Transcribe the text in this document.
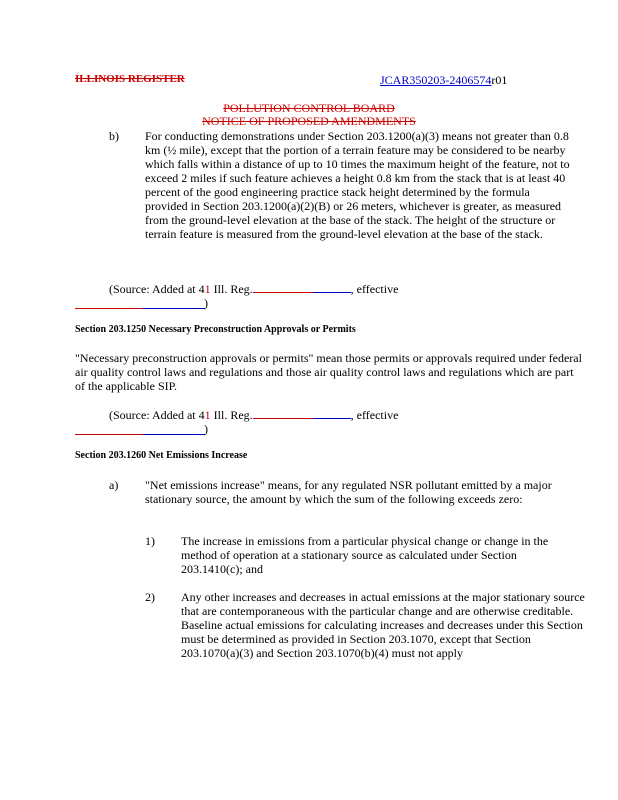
ILLINOIS REGISTER	JCAR350203-2406574r01
POLLUTION CONTROL BOARD
NOTICE OF PROPOSED AMENDMENTS
b) For conducting demonstrations under Section 203.1200(a)(3) means not greater than 0.8 km (½ mile), except that the portion of a terrain feature may be considered to be nearby which falls within a distance of up to 10 times the maximum height of the feature, not to exceed 2 miles if such feature achieves a height 0.8 km from the stack that is at least 40 percent of the good engineering practice stack height determined by the formula provided in Section 203.1200(a)(2)(B) or 26 meters, whichever is greater, as measured from the ground-level elevation at the base of the stack. The height of the structure or terrain feature is measured from the ground-level elevation at the base of the stack.
(Source: Added at 41 Ill. Reg.	, effective
)
Section 203.1250 Necessary Preconstruction Approvals or Permits
"Necessary preconstruction approvals or permits" mean those permits or approvals required under federal air quality control laws and regulations and those air quality control laws and regulations which are part of the applicable SIP.
(Source: Added at 41 Ill. Reg.	, effective
)
Section 203.1260 Net Emissions Increase
a) "Net emissions increase" means, for any regulated NSR pollutant emitted by a major stationary source, the amount by which the sum of the following exceeds zero:
1) The increase in emissions from a particular physical change or change in the method of operation at a stationary source as calculated under Section 203.1410(c); and
2) Any other increases and decreases in actual emissions at the major stationary source that are contemporaneous with the particular change and are otherwise creditable. Baseline actual emissions for calculating increases and decreases under this Section must be determined as provided in Section 203.1070, except that Section 203.1070(a)(3) and Section 203.1070(b)(4) must not apply
